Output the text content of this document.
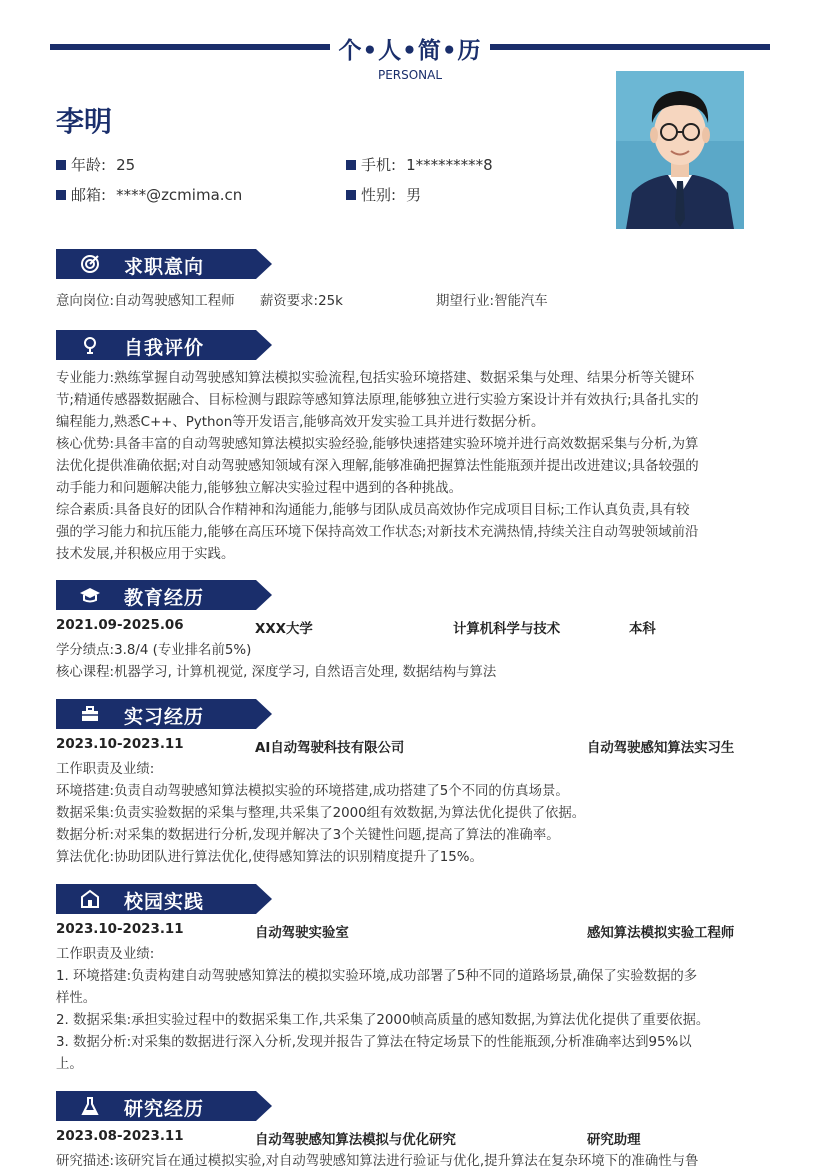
个•人•简•历
PERSONAL
李明
年龄: 25	手机: 1*********8
邮箱: ****@zcmima.cn	性别: 男
求职意向
意向岗位:自动驾驶感知工程师	薪资要求:25k	期望行业:智能汽车
自我评价
专业能力:熟练掌握自动驾驶感知算法模拟实验流程,包括实验环境搭建、数据采集与处理、结果分析等关键环
节;精通传感器数据融合、目标检测与跟踪等感知算法原理,能够独立进行实验方案设计并有效执行;具备扎实的
编程能力,熟悉C++、Python等开发语言,能够高效开发实验工具并进行数据分析。
核心优势:具备丰富的自动驾驶感知算法模拟实验经验,能够快速搭建实验环境并进行高效数据采集与分析,为算
法优化提供准确依据;对自动驾驶感知领域有深入理解,能够准确把握算法性能瓶颈并提出改进建议;具备较强的
动手能力和问题解决能力,能够独立解决实验过程中遇到的各种挑战。
综合素质:具备良好的团队合作精神和沟通能力,能够与团队成员高效协作完成项目目标;工作认真负责,具有较
强的学习能力和抗压能力,能够在高压环境下保持高效工作状态;对新技术充满热情,持续关注自动驾驶领域前沿
技术发展,并积极应用于实践。
教育经历
2021.09-2025.06	XXX大学	计算机科学与技术	本科
学分绩点:3.8/4 (专业排名前5%)
核心课程:机器学习, 计算机视觉, 深度学习, 自然语言处理, 数据结构与算法
实习经历
2023.10-2023.11	AI自动驾驶科技有限公司	自动驾驶感知算法实习生
工作职责及业绩:
环境搭建:负责自动驾驶感知算法模拟实验的环境搭建,成功搭建了5个不同的仿真场景。
数据采集:负责实验数据的采集与整理,共采集了2000组有效数据,为算法优化提供了依据。
数据分析:对采集的数据进行分析,发现并解决了3个关键性问题,提高了算法的准确率。
算法优化:协助团队进行算法优化,使得感知算法的识别精度提升了15%。
校园实践
2023.10-2023.11	自动驾驶实验室	感知算法模拟实验工程师
工作职责及业绩:
1. 环境搭建:负责构建自动驾驶感知算法的模拟实验环境,成功部署了5种不同的道路场景,确保了实验数据的多
样性。
2. 数据采集:承担实验过程中的数据采集工作,共采集了2000帧高质量的感知数据,为算法优化提供了重要依据。
3. 数据分析:对采集的数据进行深入分析,发现并报告了算法在特定场景下的性能瓶颈,分析准确率达到95%以
上。
研究经历
2023.08-2023.11	自动驾驶感知算法模拟与优化研究	研究助理
研究描述:该研究旨在通过模拟实验,对自动驾驶感知算法进行验证与优化,提升算法在复杂环境下的准确性与鲁
